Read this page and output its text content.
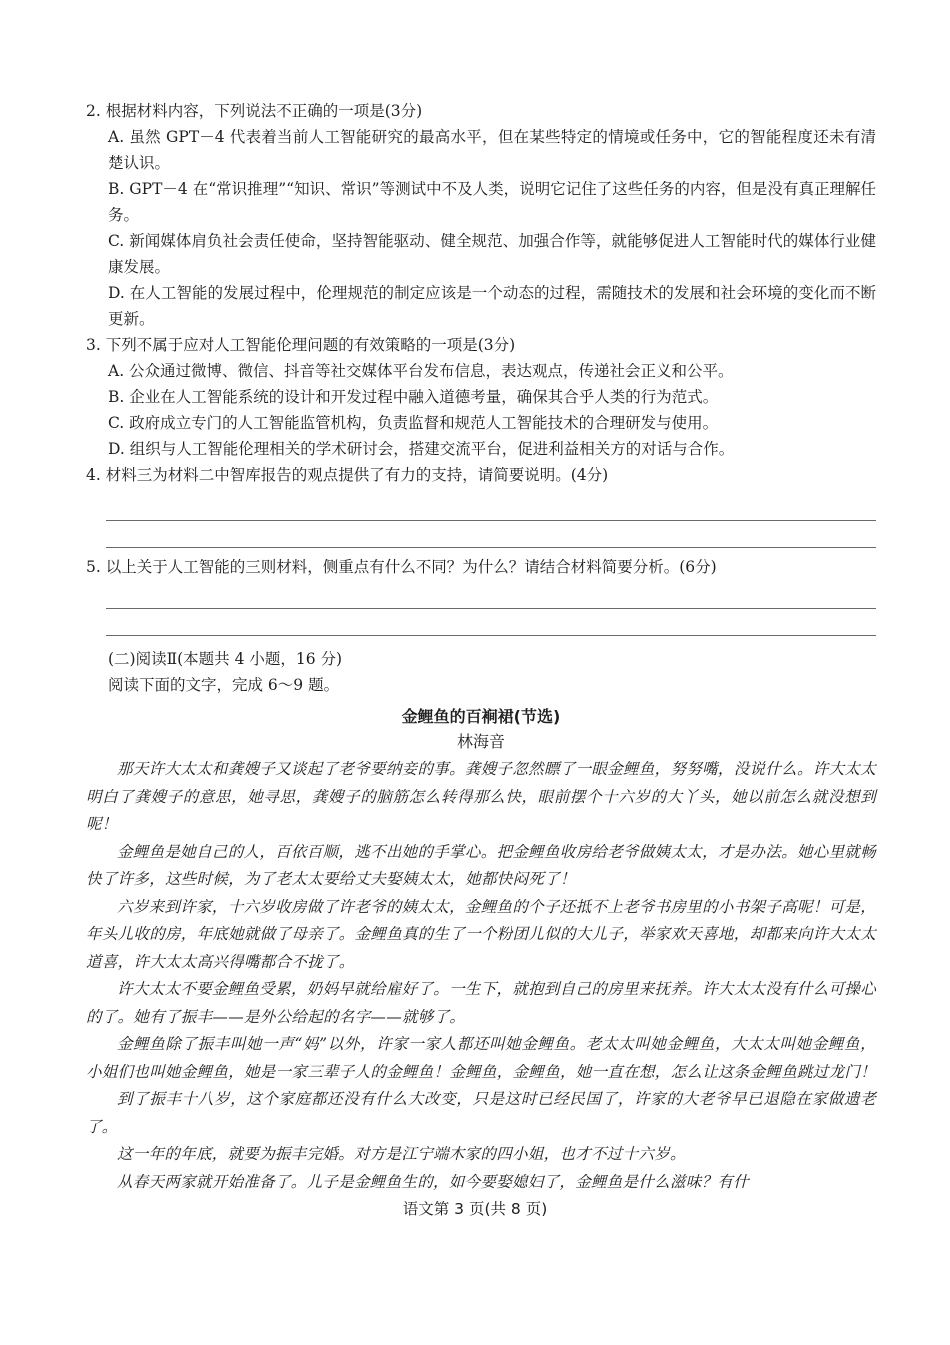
2. 根据材料内容，下列说法不正确的一项是(3分)

A. 虽然 GPT－4 代表着当前人工智能研究的最高水平，但在某些特定的情境或任务中，它的智能程度还未有清楚认识。

B. GPT－4 在“常识推理”“知识、常识”等测试中不及人类，说明它记住了这些任务的内容，但是没有真正理解任务。

C. 新闻媒体肩负社会责任使命，坚持智能驱动、健全规范、加强合作等，就能够促进人工智能时代的媒体行业健康发展。

D. 在人工智能的发展过程中，伦理规范的制定应该是一个动态的过程，需随技术的发展和社会环境的变化而不断更新。

3. 下列不属于应对人工智能伦理问题的有效策略的一项是(3分)

A. 公众通过微博、微信、抖音等社交媒体平台发布信息，表达观点，传递社会正义和公平。

B. 企业在人工智能系统的设计和开发过程中融入道德考量，确保其合乎人类的行为范式。

C. 政府成立专门的人工智能监管机构，负责监督和规范人工智能技术的合理研发与使用。

D. 组织与人工智能伦理相关的学术研讨会，搭建交流平台，促进利益相关方的对话与合作。

4. 材料三为材料二中智库报告的观点提供了有力的支持，请简要说明。(4分)

5. 以上关于人工智能的三则材料，侧重点有什么不同？为什么？请结合材料简要分析。(6分)

(二)阅读Ⅱ(本题共 4 小题，16 分)

阅读下面的文字，完成 6～9 题。

金鲤鱼的百裥裙(节选)

林海音

那天许大太太和龚嫂子又谈起了老爷要纳妾的事。龚嫂子忽然瞟了一眼金鲤鱼，努努嘴，没说什么。许大太太明白了龚嫂子的意思，她寻思，龚嫂子的脑筋怎么转得那么快，眼前摆个十六岁的大丫头，她以前怎么就没想到呢！

金鲤鱼是她自己的人，百依百顺，逃不出她的手掌心。把金鲤鱼收房给老爷做姨太太，才是办法。她心里就畅快了许多，这些时候，为了老太太要给丈夫娶姨太太，她都快闷死了！

六岁来到许家，十六岁收房做了许老爷的姨太太，金鲤鱼的个子还抵不上老爷书房里的小书架子高呢！可是，年头儿收的房，年底她就做了母亲了。金鲤鱼真的生了一个粉团儿似的大儿子，举家欢天喜地，却都来向许大太太道喜，许大太太高兴得嘴都合不拢了。

许大太太不要金鲤鱼受累，奶妈早就给雇好了。一生下，就抱到自己的房里来抚养。许大太太没有什么可操心的了。她有了振丰——是外公给起的名字——就够了。

金鲤鱼除了振丰叫她一声“妈”以外，许家一家人都还叫她金鲤鱼。老太太叫她金鲤鱼，大太太叫她金鲤鱼，小姐们也叫她金鲤鱼，她是一家三辈子人的金鲤鱼！金鲤鱼，金鲤鱼，她一直在想，怎么让这条金鲤鱼跳过龙门！

到了振丰十八岁，这个家庭都还没有什么大改变，只是这时已经民国了，许家的大老爷早已退隐在家做遗老了。

这一年的年底，就要为振丰完婚。对方是江宁端木家的四小姐，也才不过十六岁。

从春天两家就开始准备了。儿子是金鲤鱼生的，如今要娶媳妇了，金鲤鱼是什么滋味？有什

语文第 3 页(共 8 页)
